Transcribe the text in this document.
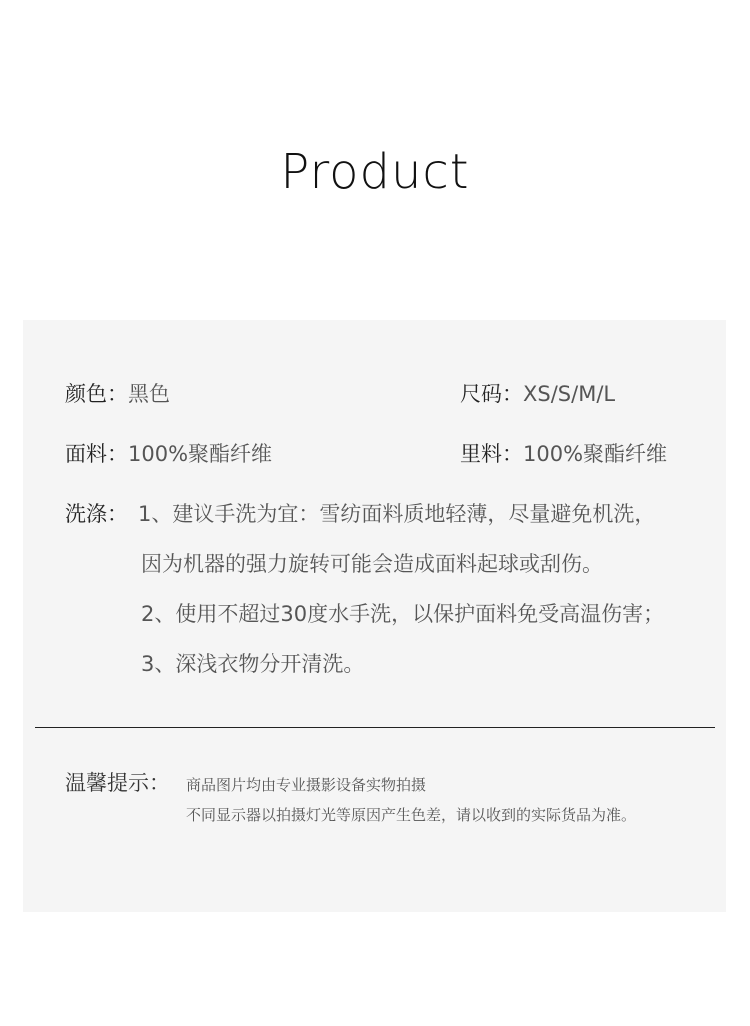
Product
颜色：黑色	尺码：XS/S/M/L
面料：100%聚酯纤维	里料：100%聚酯纤维
洗涤： 1、建议手洗为宜：雪纺面料质地轻薄，尽量避免机洗，
因为机器的强力旋转可能会造成面料起球或刮伤。
2、使用不超过30度水手洗，以保护面料免受高温伤害；
3、深浅衣物分开清洗。
温馨提示： 商品图片均由专业摄影设备实物拍摄
不同显示器以拍摄灯光等原因产生色差，请以收到的实际货品为准。
